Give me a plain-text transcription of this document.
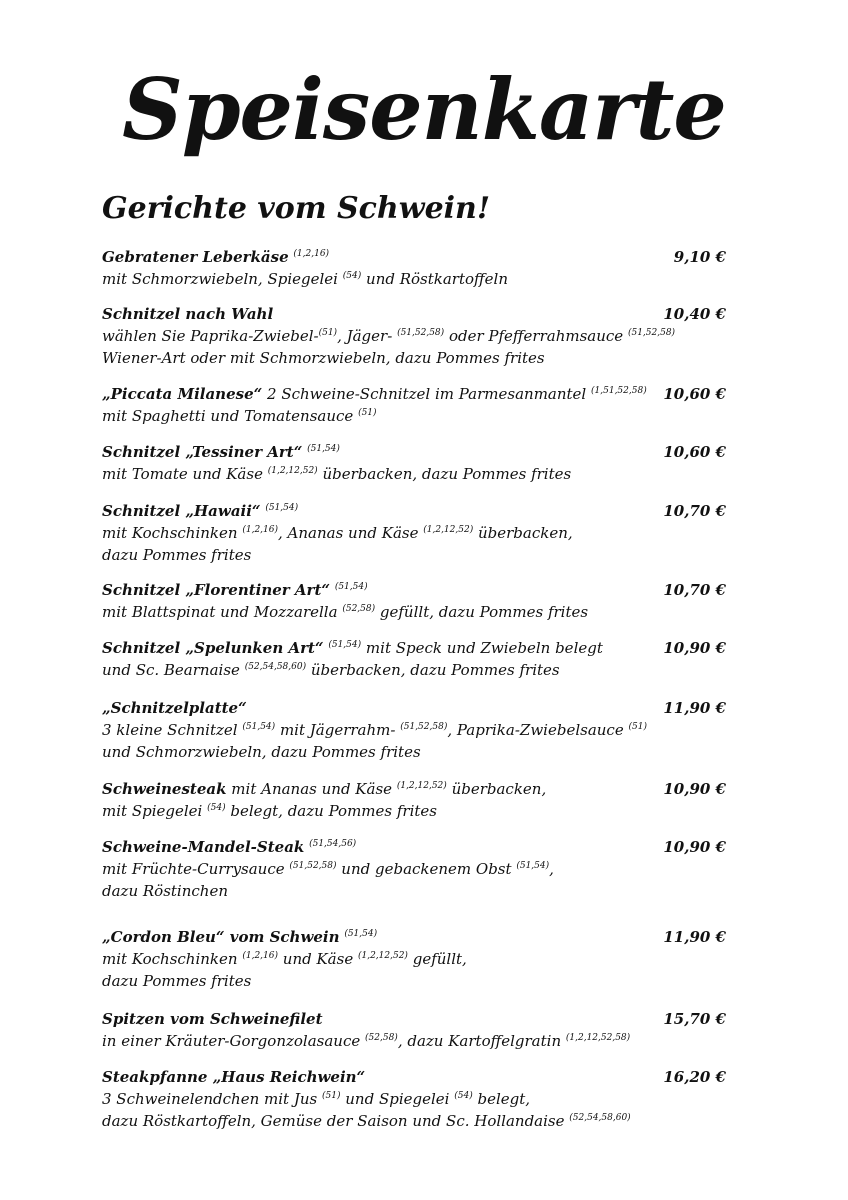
Speisenkarte
Gerichte vom Schwein!
Gebratener Leberkäse $^{(1,2,16)}$
mit Schmorzwiebeln, Spiegelei $^{(54)}$ und Röstkartoffeln
9,10 €
Schnitzel nach Wahl
wählen Sie Paprika-Zwiebel-$^{(51)}$, Jäger- $^{(51,52,58)}$ oder Pfefferrahmsauce $^{(51,52,58)}$
Wiener-Art oder mit Schmorzwiebeln, dazu Pommes frites
10,40 €
„Piccata Milanese“ 2 Schweine-Schnitzel im Parmesanmantel $^{(1,51,52,58)}$
mit Spaghetti und Tomatensauce $^{(51)}$
10,60 €
Schnitzel „Tessiner Art“ $^{(51,54)}$
mit Tomate und Käse $^{(1,2,12,52)}$ überbacken, dazu Pommes frites
10,60 €
Schnitzel „Hawaii“ $^{(51,54)}$
mit Kochschinken $^{(1,2,16)}$, Ananas und Käse $^{(1,2,12,52)}$ überbacken,
dazu Pommes frites
10,70 €
Schnitzel „Florentiner Art“ $^{(51,54)}$
mit Blattspinat und Mozzarella $^{(52,58)}$ gefüllt, dazu Pommes frites
10,70 €
Schnitzel „Spelunken Art“ $^{(51,54)}$ mit Speck und Zwiebeln belegt
und Sc. Bearnaise $^{(52,54,58,60)}$ überbacken, dazu Pommes frites
10,90 €
„Schnitzelplatte“
3 kleine Schnitzel $^{(51,54)}$ mit Jägerrahm- $^{(51,52,58)}$, Paprika-Zwiebelsauce $^{(51)}$
und Schmorzwiebeln, dazu Pommes frites
11,90 €
Schweinesteak mit Ananas und Käse $^{(1,2,12,52)}$ überbacken,
mit Spiegelei $^{(54)}$ belegt, dazu Pommes frites
10,90 €
Schweine-Mandel-Steak $^{(51,54,56)}$
mit Früchte-Currysauce $^{(51,52,58)}$ und gebackenem Obst $^{(51,54)}$,
dazu Röstinchen
10,90 €
„Cordon Bleu“ vom Schwein $^{(51,54)}$
mit Kochschinken $^{(1,2,16)}$ und Käse $^{(1,2,12,52)}$ gefüllt,
dazu Pommes frites
11,90 €
Spitzen vom Schweinefilet
in einer Kräuter-Gorgonzolasauce $^{(52,58)}$, dazu Kartoffelgratin $^{(1,2,12,52,58)}$
15,70 €
Steakpfanne „Haus Reichwein“
3 Schweinelendchen mit Jus $^{(51)}$ und Spiegelei $^{(54)}$ belegt,
dazu Röstkartoffeln, Gemüse der Saison und Sc. Hollandaise $^{(52,54,58,60)}$
16,20 €
